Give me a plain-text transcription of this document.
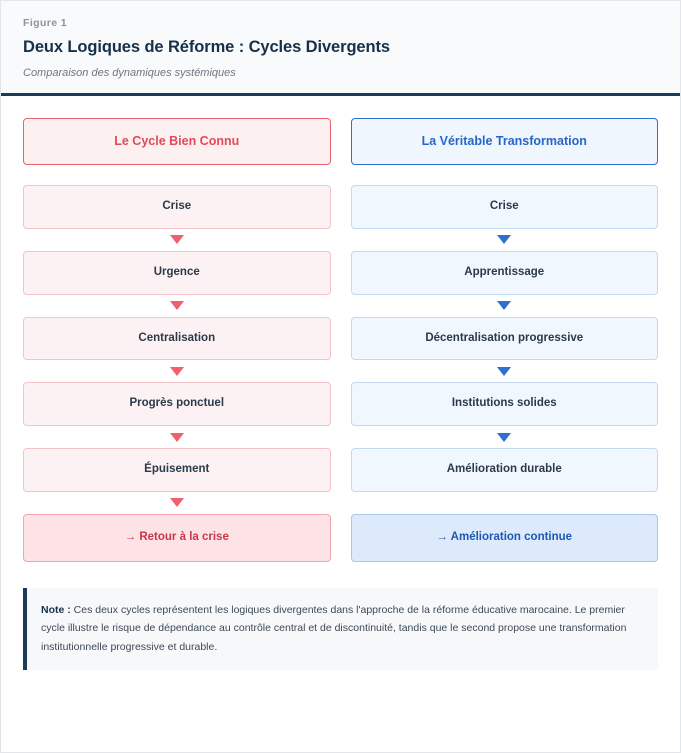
Figure 1
Deux Logiques de Réforme : Cycles Divergents
Comparaison des dynamiques systémiques
Le Cycle Bien Connu
Crise
Urgence
Centralisation
Progrès ponctuel
Épuisement
→ Retour à la crise
La Véritable Transformation
Crise
Apprentissage
Décentralisation progressive
Institutions solides
Amélioration durable
→ Amélioration continue
Note : Ces deux cycles représentent les logiques divergentes dans l'approche de la réforme éducative marocaine. Le premier cycle illustre le risque de dépendance au contrôle central et de discontinuité, tandis que le second propose une transformation institutionnelle progressive et durable.
